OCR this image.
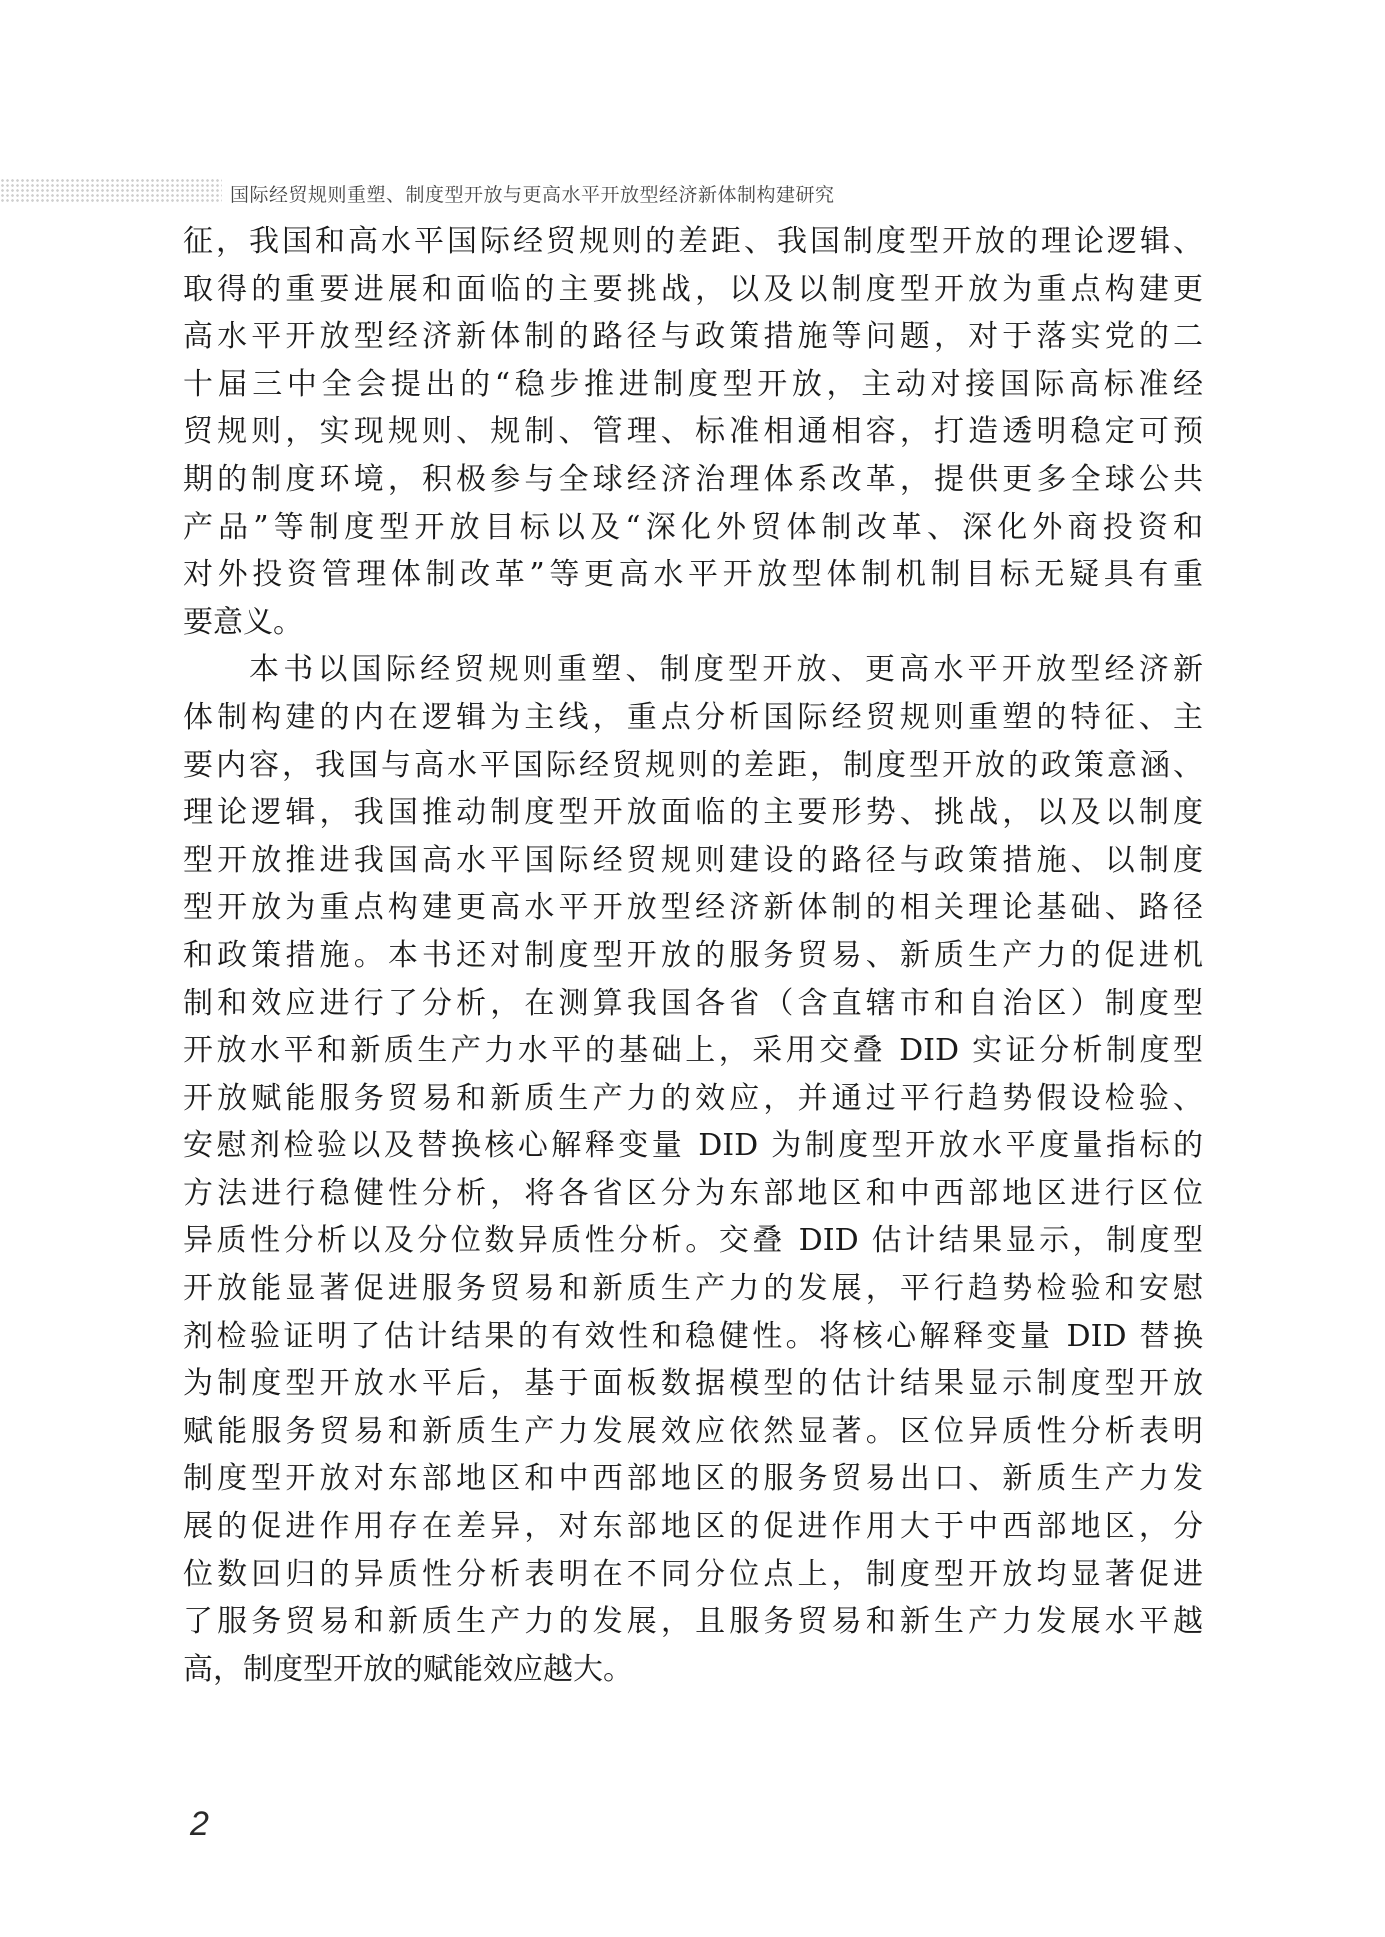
国际经贸规则重塑、制度型开放与更高水平开放型经济新体制构建研究
征，我国和高水平国际经贸规则的差距、我国制度型开放的理论逻辑、
取得的重要进展和面临的主要挑战，以及以制度型开放为重点构建更
高水平开放型经济新体制的路径与政策措施等问题，对于落实党的二
十届三中全会提出的“稳步推进制度型开放，主动对接国际高标准经
贸规则，实现规则、规制、管理、标准相通相容，打造透明稳定可预
期的制度环境，积极参与全球经济治理体系改革，提供更多全球公共
产品”等制度型开放目标以及“深化外贸体制改革、深化外商投资和
对外投资管理体制改革”等更高水平开放型体制机制目标无疑具有重
要意义。
本书以国际经贸规则重塑、制度型开放、更高水平开放型经济新
体制构建的内在逻辑为主线，重点分析国际经贸规则重塑的特征、主
要内容，我国与高水平国际经贸规则的差距，制度型开放的政策意涵、
理论逻辑，我国推动制度型开放面临的主要形势、挑战，以及以制度
型开放推进我国高水平国际经贸规则建设的路径与政策措施、以制度
型开放为重点构建更高水平开放型经济新体制的相关理论基础、路径
和政策措施。本书还对制度型开放的服务贸易、新质生产力的促进机
制和效应进行了分析，在测算我国各省（含直辖市和自治区）制度型
开放水平和新质生产力水平的基础上，采用交叠 DID 实证分析制度型
开放赋能服务贸易和新质生产力的效应，并通过平行趋势假设检验、
安慰剂检验以及替换核心解释变量 DID 为制度型开放水平度量指标的
方法进行稳健性分析，将各省区分为东部地区和中西部地区进行区位
异质性分析以及分位数异质性分析。交叠 DID 估计结果显示，制度型
开放能显著促进服务贸易和新质生产力的发展，平行趋势检验和安慰
剂检验证明了估计结果的有效性和稳健性。将核心解释变量 DID 替换
为制度型开放水平后，基于面板数据模型的估计结果显示制度型开放
赋能服务贸易和新质生产力发展效应依然显著。区位异质性分析表明
制度型开放对东部地区和中西部地区的服务贸易出口、新质生产力发
展的促进作用存在差异，对东部地区的促进作用大于中西部地区，分
位数回归的异质性分析表明在不同分位点上，制度型开放均显著促进
了服务贸易和新质生产力的发展，且服务贸易和新生产力发展水平越
高，制度型开放的赋能效应越大。
2
